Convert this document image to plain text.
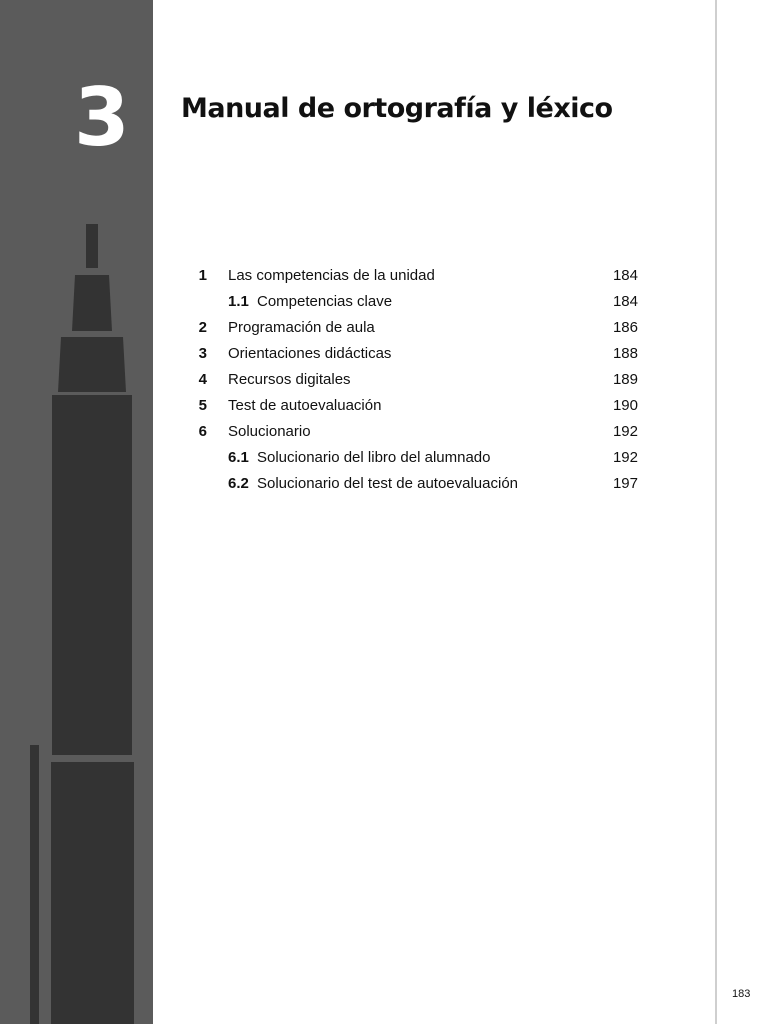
3 Manual de ortografía y léxico
1 Las competencias de la unidad	184
1.1 Competencias clave	184
2 Programación de aula	186
3 Orientaciones didácticas	188
4 Recursos digitales	189
5 Test de autoevaluación	190
6 Solucionario	192
6.1 Solucionario del libro del alumnado	192
6.2 Solucionario del test de autoevaluación	197
183
